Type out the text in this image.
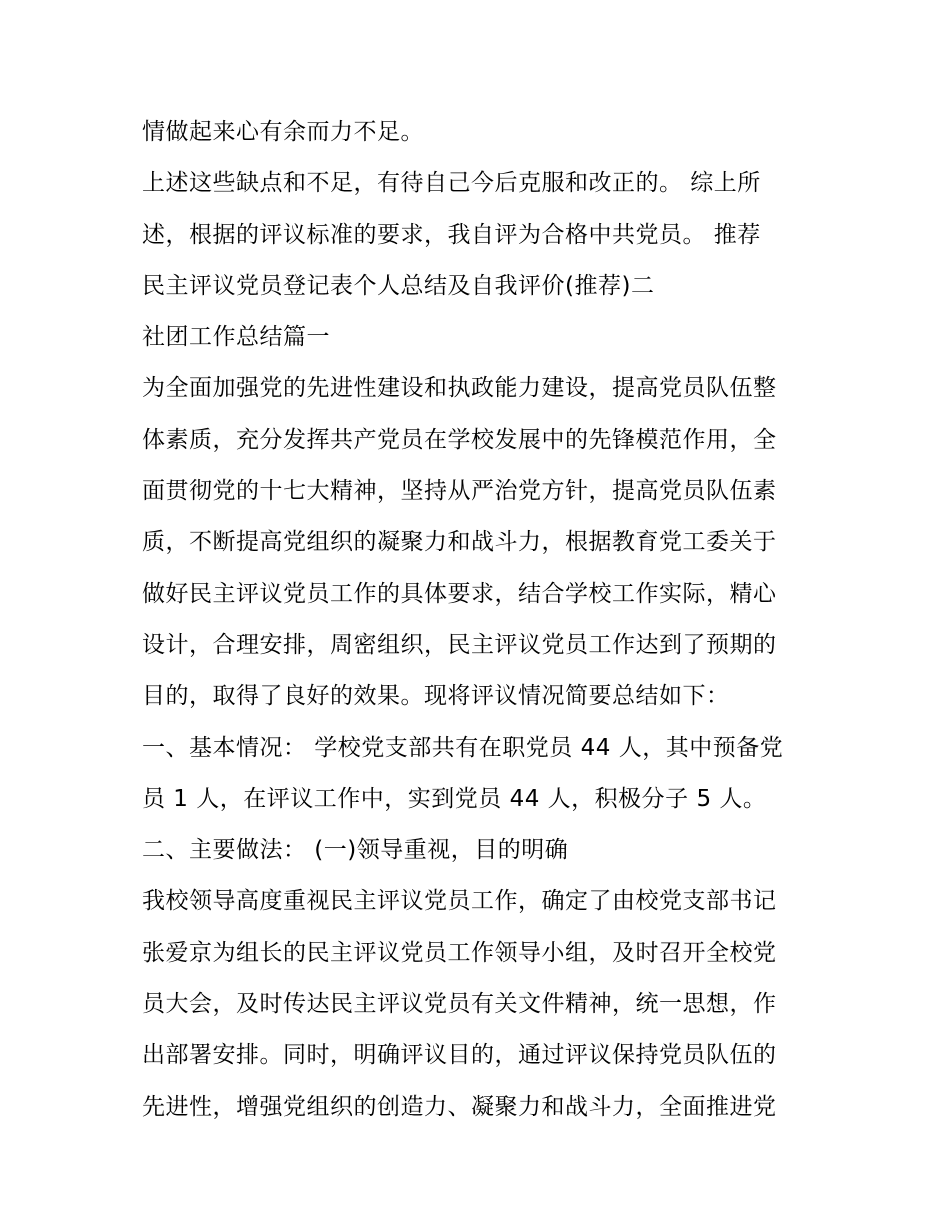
情做起来心有余而力不足。
上述这些缺点和不足，有待自己今后克服和改正的。 综上所
述，根据的评议标准的要求，我自评为合格中共党员。 推荐
民主评议党员登记表个人总结及自我评价(推荐)二
社团工作总结篇一
为全面加强党的先进性建设和执政能力建设，提高党员队伍整
体素质，充分发挥共产党员在学校发展中的先锋模范作用，全
面贯彻党的十七大精神，坚持从严治党方针，提高党员队伍素
质，不断提高党组织的凝聚力和战斗力，根据教育党工委关于
做好民主评议党员工作的具体要求，结合学校工作实际，精心
设计，合理安排，周密组织，民主评议党员工作达到了预期的
目的，取得了良好的效果。现将评议情况简要总结如下：
一、基本情况： 学校党支部共有在职党员 44 人，其中预备党
员 1 人，在评议工作中，实到党员 44 人，积极分子 5 人。
二、主要做法： (一)领导重视，目的明确
我校领导高度重视民主评议党员工作，确定了由校党支部书记
张爱京为组长的民主评议党员工作领导小组，及时召开全校党
员大会，及时传达民主评议党员有关文件精神，统一思想，作
出部署安排。同时，明确评议目的，通过评议保持党员队伍的
先进性，增强党组织的创造力、凝聚力和战斗力，全面推进党
